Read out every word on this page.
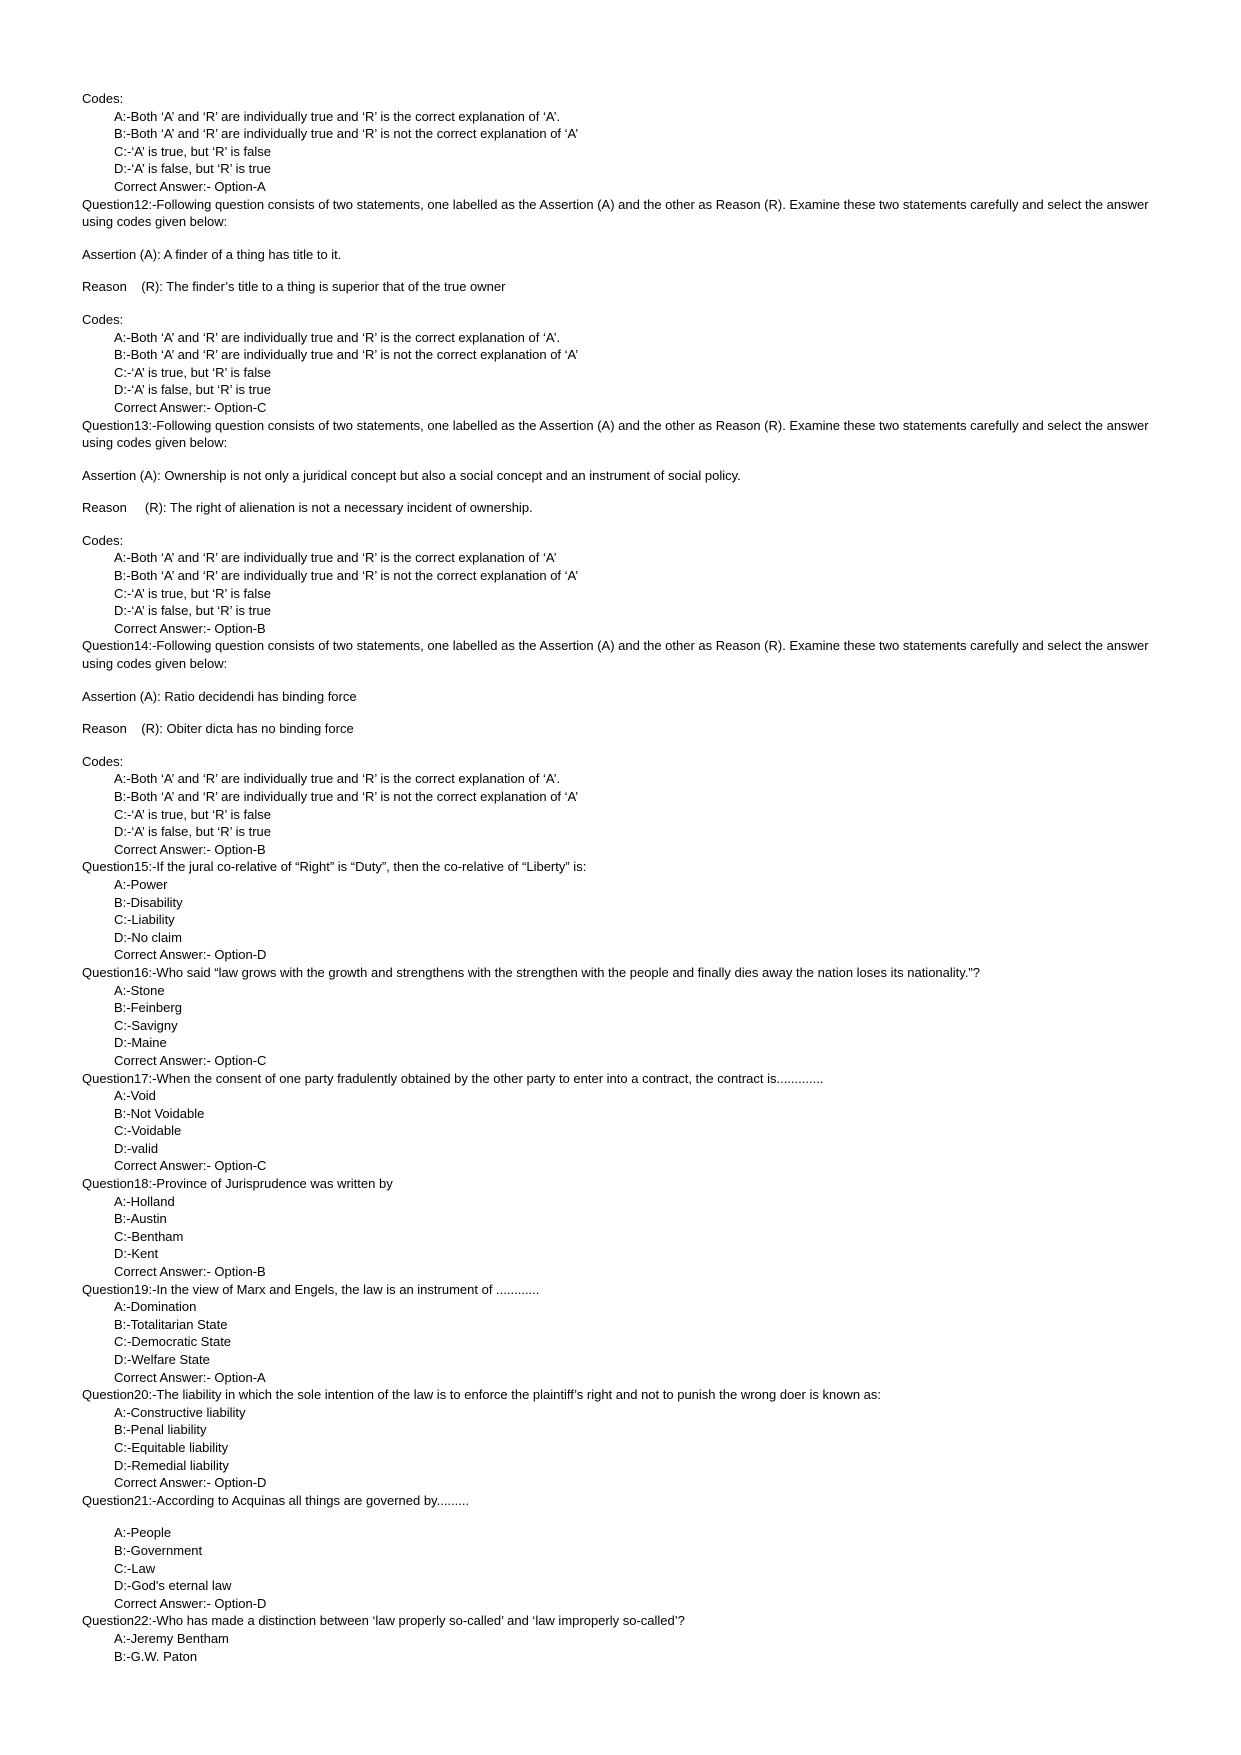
Codes:
A:-Both ‘A’ and ‘R’ are individually true and ‘R’ is the correct explanation of ‘A’.
B:-Both ‘A’ and ‘R’ are individually true and ‘R’ is not the correct explanation of ‘A’
C:-‘A’ is true, but ‘R’ is false
D:-‘A’ is false, but ‘R’ is true
Correct Answer:- Option-A
Question12:-Following question consists of two statements, one labelled as the Assertion (A) and the other as Reason (R). Examine these two statements carefully and select the answer using codes given below:
Assertion (A): A finder of a thing has title to it.
Reason    (R): The finder’s title to a thing is superior that of the true owner
Codes:
A:-Both ‘A’ and ‘R’ are individually true and ‘R’ is the correct explanation of ‘A’.
B:-Both ‘A’ and ‘R’ are individually true and ‘R’ is not the correct explanation of ‘A’
C:-‘A’ is true, but ‘R’ is false
D:-‘A’ is false, but ‘R’ is true
Correct Answer:- Option-C
Question13:-Following question consists of two statements, one labelled as the Assertion (A) and the other as Reason (R). Examine these two statements carefully and select the answer using codes given below:
Assertion (A): Ownership is not only a juridical concept but also a social concept and an instrument of social policy.
Reason     (R): The right of alienation is not a necessary incident of ownership.
Codes:
A:-Both ‘A’ and ‘R’ are individually true and ‘R’ is the correct explanation of ‘A’
B:-Both ‘A’ and ‘R’ are individually true and ‘R’ is not the correct explanation of ‘A’
C:-‘A’ is true, but ‘R’ is false
D:-‘A’ is false, but ‘R’ is true
Correct Answer:- Option-B
Question14:-Following question consists of two statements, one labelled as the Assertion (A) and the other as Reason (R). Examine these two statements carefully and select the answer using codes given below:
Assertion (A): Ratio decidendi has binding force
Reason    (R): Obiter dicta has no binding force
Codes:
A:-Both ‘A’ and ‘R’ are individually true and ‘R’ is the correct explanation of ‘A’.
B:-Both ‘A’ and ‘R’ are individually true and ‘R’ is not the correct explanation of ‘A’
C:-‘A’ is true, but ‘R’ is false
D:-‘A’ is false, but ‘R’ is true
Correct Answer:- Option-B
Question15:-If the jural co-relative of “Right” is “Duty”, then the co-relative of “Liberty” is:
A:-Power
B:-Disability
C:-Liability
D:-No claim
Correct Answer:- Option-D
Question16:-Who said “law grows with the growth and strengthens with the strengthen with the people and finally dies away the nation loses its nationality.”?
A:-Stone
B:-Feinberg
C:-Savigny
D:-Maine
Correct Answer:- Option-C
Question17:-When the consent of one party fradulently obtained by the other party to enter into a contract, the contract is.............
A:-Void
B:-Not Voidable
C:-Voidable
D:-valid
Correct Answer:- Option-C
Question18:-Province of Jurisprudence was written by
A:-Holland
B:-Austin
C:-Bentham
D:-Kent
Correct Answer:- Option-B
Question19:-In the view of Marx and Engels, the law is an instrument of ............
A:-Domination
B:-Totalitarian State
C:-Democratic State
D:-Welfare State
Correct Answer:- Option-A
Question20:-The liability in which the sole intention of the law is to enforce the plaintiff’s right and not to punish the wrong doer is known as:
A:-Constructive liability
B:-Penal liability
C:-Equitable liability
D:-Remedial liability
Correct Answer:- Option-D
Question21:-According to Acquinas all things are governed by.........
A:-People
B:-Government
C:-Law
D:-God's eternal law
Correct Answer:- Option-D
Question22:-Who has made a distinction between ‘law properly so-called’ and ‘law improperly so-called’?
A:-Jeremy Bentham
B:-G.W. Paton
